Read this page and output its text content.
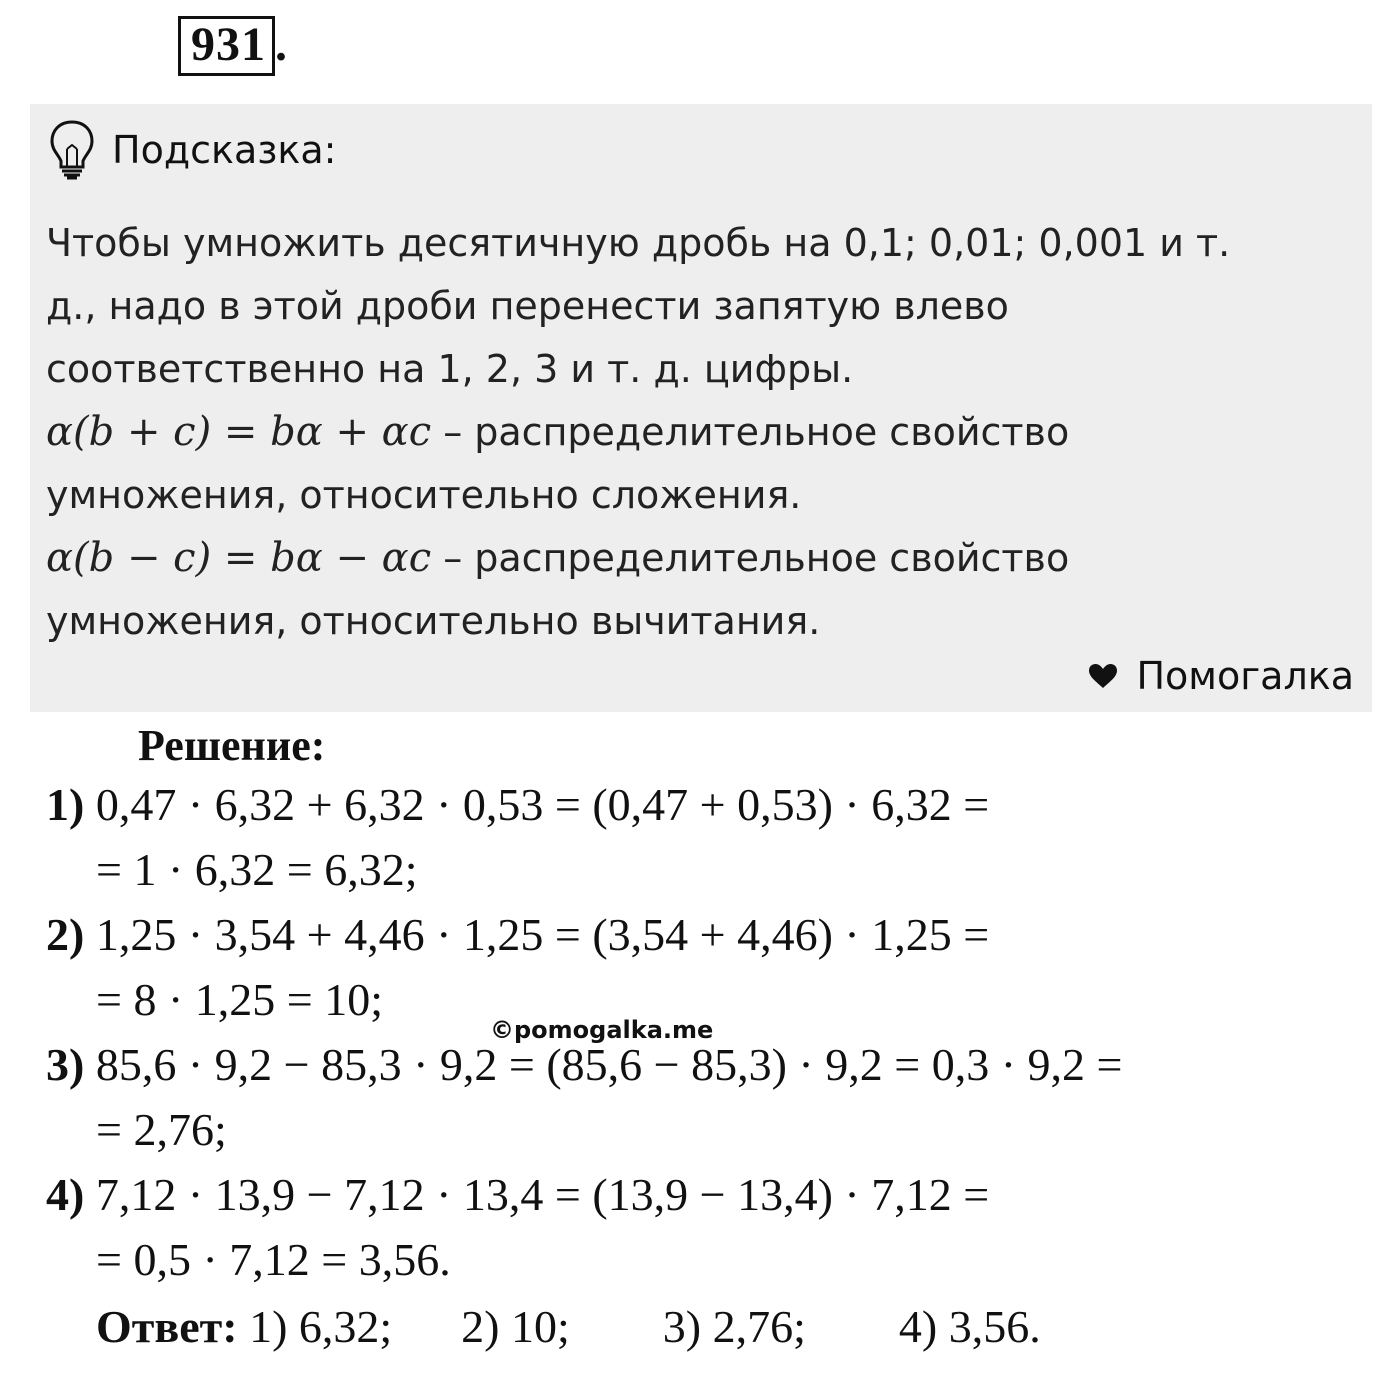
931 .
Подсказка:
Чтобы умножить десятичную дробь на 0,1; 0,01; 0,001 и т.
д., надо в этой дроби перенести запятую влево
соответственно на 1, 2, 3 и т. д. цифры.
α(b + c) = bα + αc – распределительное свойство
умножения, относительно сложения.
α(b − c) = bα − αc – распределительное свойство
умножения, относительно вычитания.
Помогалка
Решение:
1) 0,47 · 6,32 + 6,32 · 0,53 = (0,47 + 0,53) · 6,32 =
= 1 · 6,32 = 6,32;
2) 1,25 · 3,54 + 4,46 · 1,25 = (3,54 + 4,46) · 1,25 =
= 8 · 1,25 = 10;
©pomogalka.me
3) 85,6 · 9,2 − 85,3 · 9,2 = (85,6 − 85,3) · 9,2 = 0,3 · 9,2 =
= 2,76;
4) 7,12 · 13,9 − 7,12 · 13,4 = (13,9 − 13,4) · 7,12 =
= 0,5 · 7,12 = 3,56.
Ответ: 1) 6,32; 2) 10; 3) 2,76; 4) 3,56.
